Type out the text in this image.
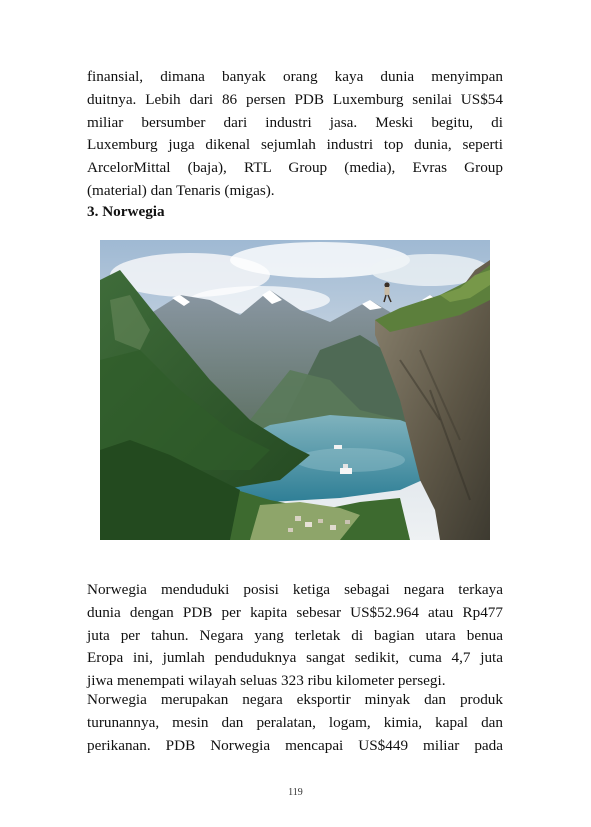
finansial, dimana banyak orang kaya dunia menyimpan
duitnya. Lebih dari 86 persen PDB Luxemburg senilai US$54
miliar bersumber dari industri jasa. Meski begitu, di
Luxemburg juga dikenal sejumlah industri top dunia, seperti
ArcelorMittal (baja), RTL Group (media), Evras Group
(material) dan Tenaris (migas).
3. Norwegia
Norwegia menduduki posisi ketiga sebagai negara terkaya
dunia dengan PDB per kapita sebesar US$52.964 atau Rp477
juta per tahun. Negara yang terletak di bagian utara benua
Eropa ini, jumlah penduduknya sangat sedikit, cuma 4,7 juta
jiwa menempati wilayah seluas 323 ribu kilometer persegi.
Norwegia merupakan negara eksportir minyak dan produk
turunannya, mesin dan peralatan, logam, kimia, kapal dan
perikanan. PDB Norwegia mencapai US$449 miliar pada
119
